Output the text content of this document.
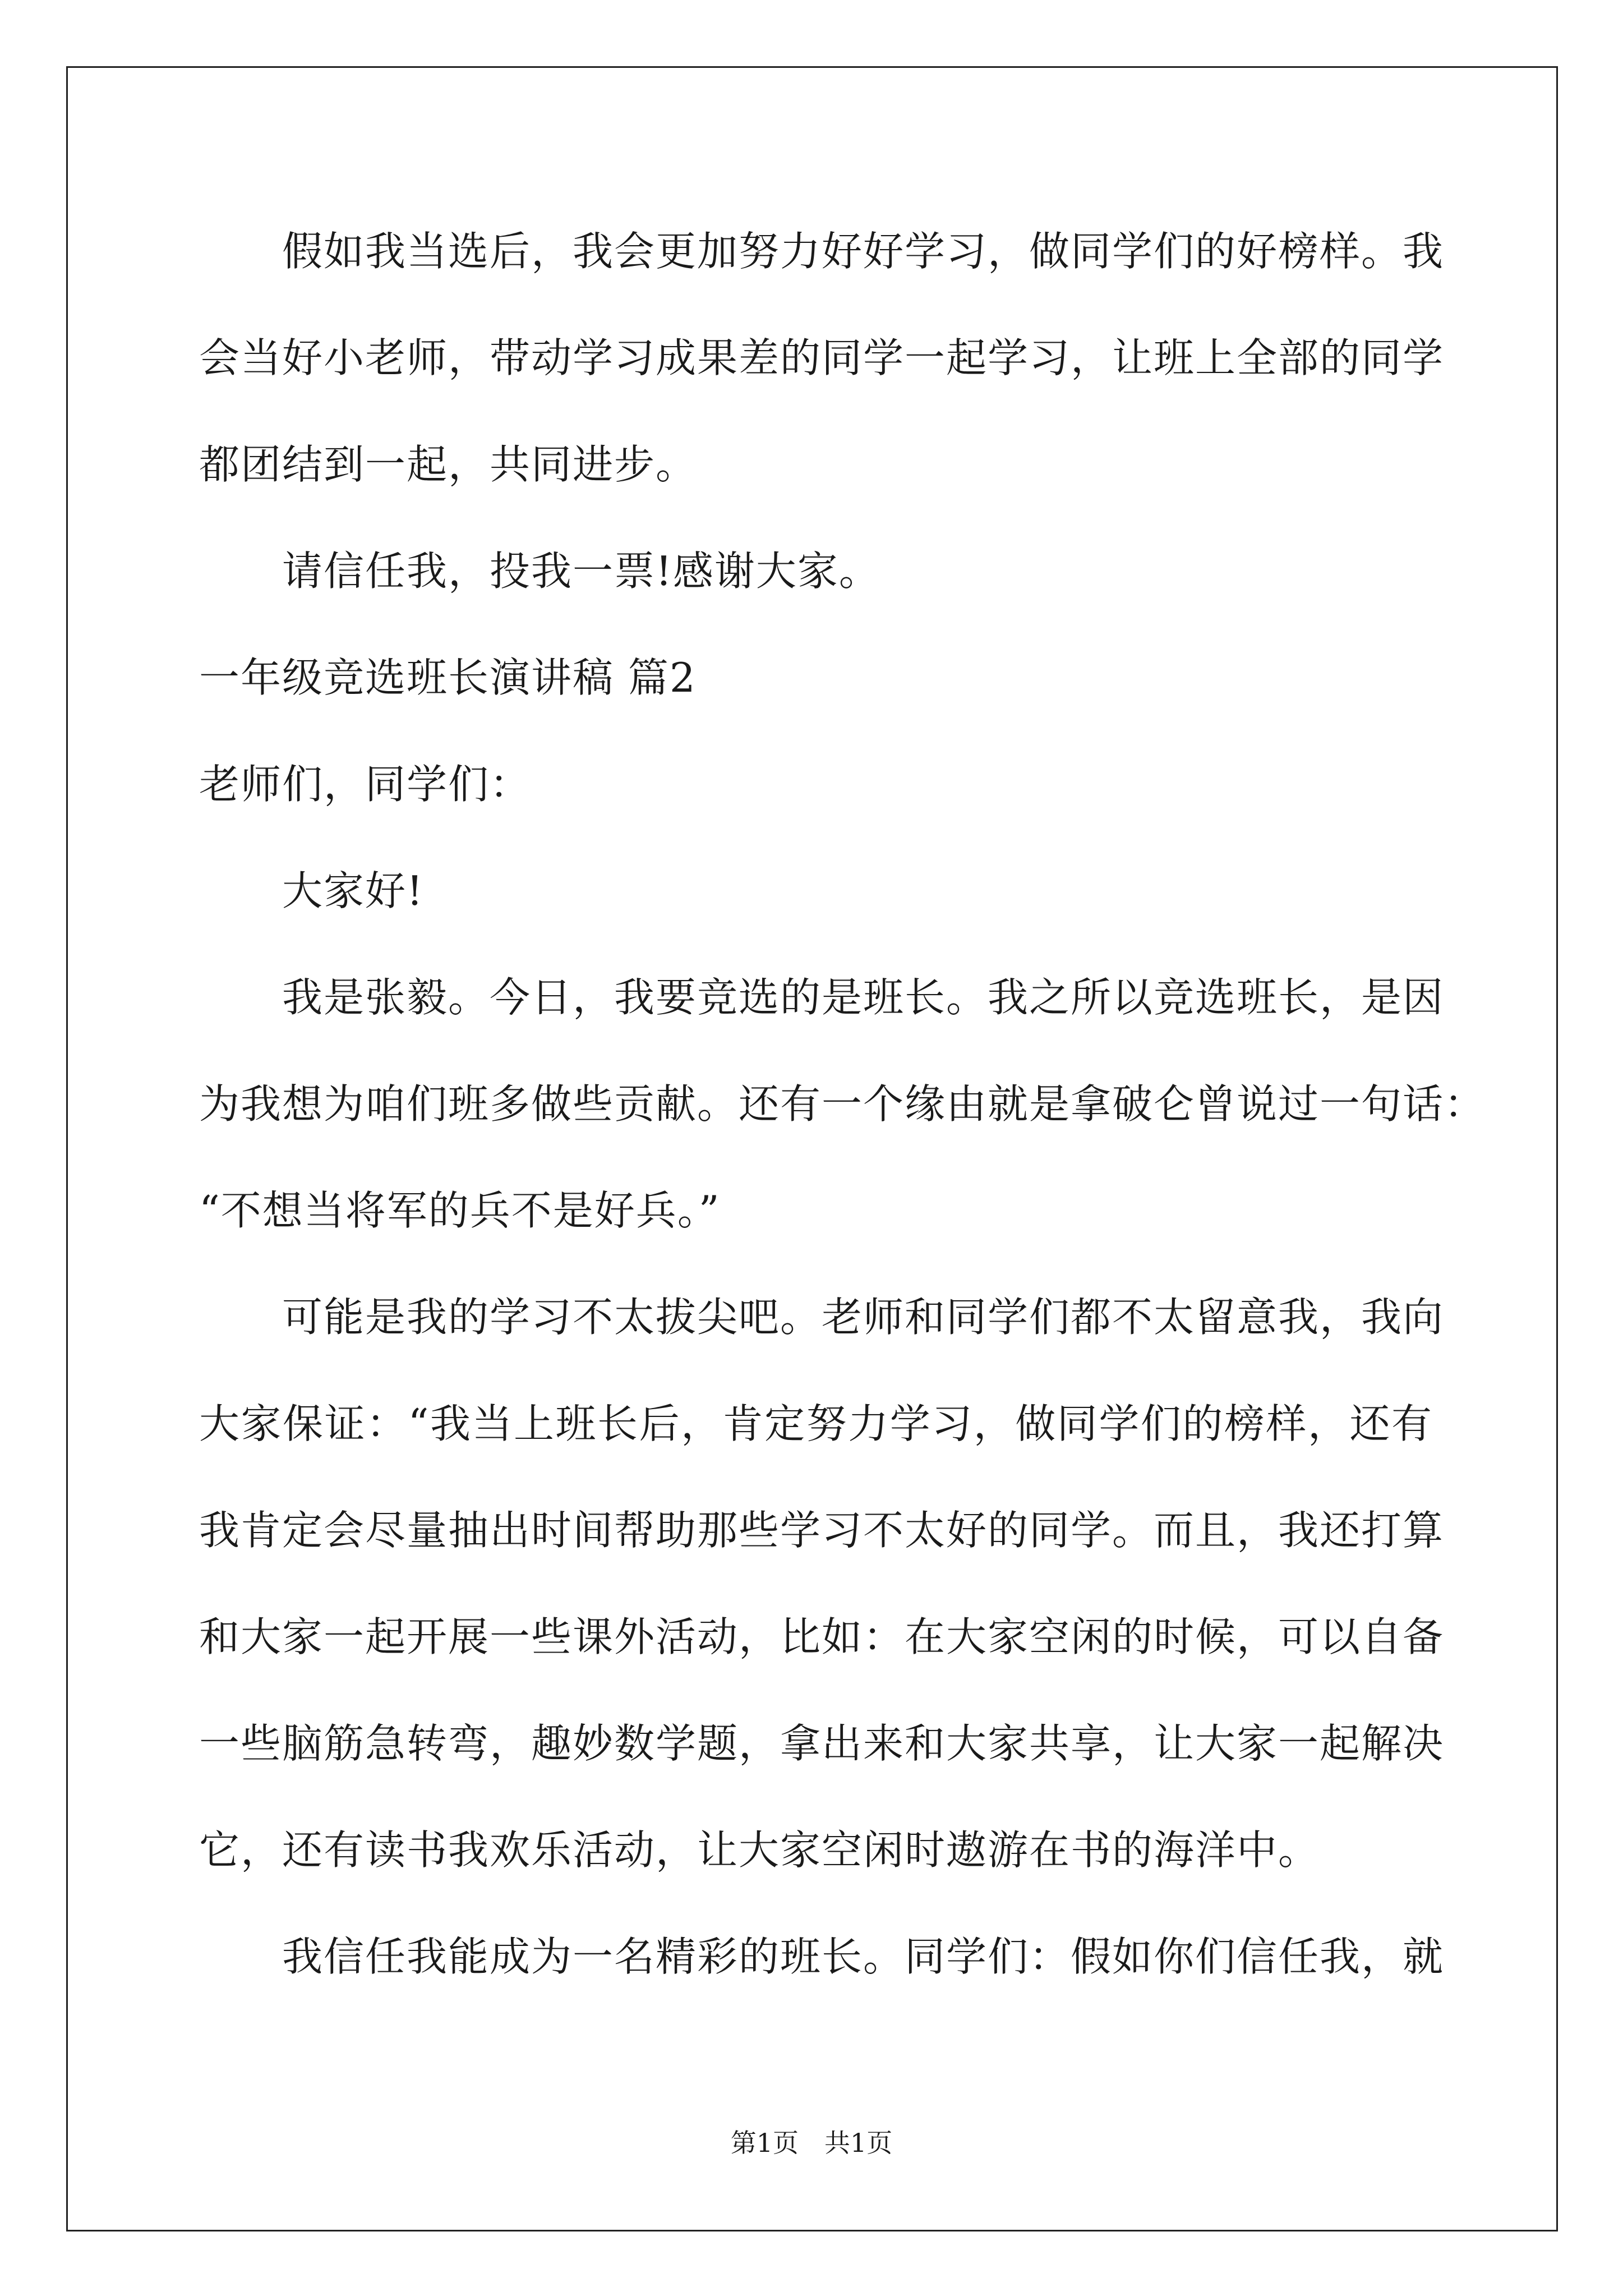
假如我当选后，我会更加努力好好学习，做同学们的好榜样。我
会当好小老师，带动学习成果差的同学一起学习，让班上全部的同学
都团结到一起，共同进步。
请信任我，投我一票!感谢大家。
一年级竞选班长演讲稿 篇2
老师们，同学们：
大家好!
我是张毅。今日，我要竞选的是班长。我之所以竞选班长，是因
为我想为咱们班多做些贡献。还有一个缘由就是拿破仑曾说过一句话：
“不想当将军的兵不是好兵。”
可能是我的学习不太拔尖吧。老师和同学们都不太留意我，我向
大家保证：“我当上班长后，肯定努力学习，做同学们的榜样，还有
我肯定会尽量抽出时间帮助那些学习不太好的同学。而且，我还打算
和大家一起开展一些课外活动，比如：在大家空闲的时候，可以自备
一些脑筋急转弯，趣妙数学题，拿出来和大家共享，让大家一起解决
它，还有读书我欢乐活动，让大家空闲时遨游在书的海洋中。
我信任我能成为一名精彩的班长。同学们：假如你们信任我，就
第1页　共1页
